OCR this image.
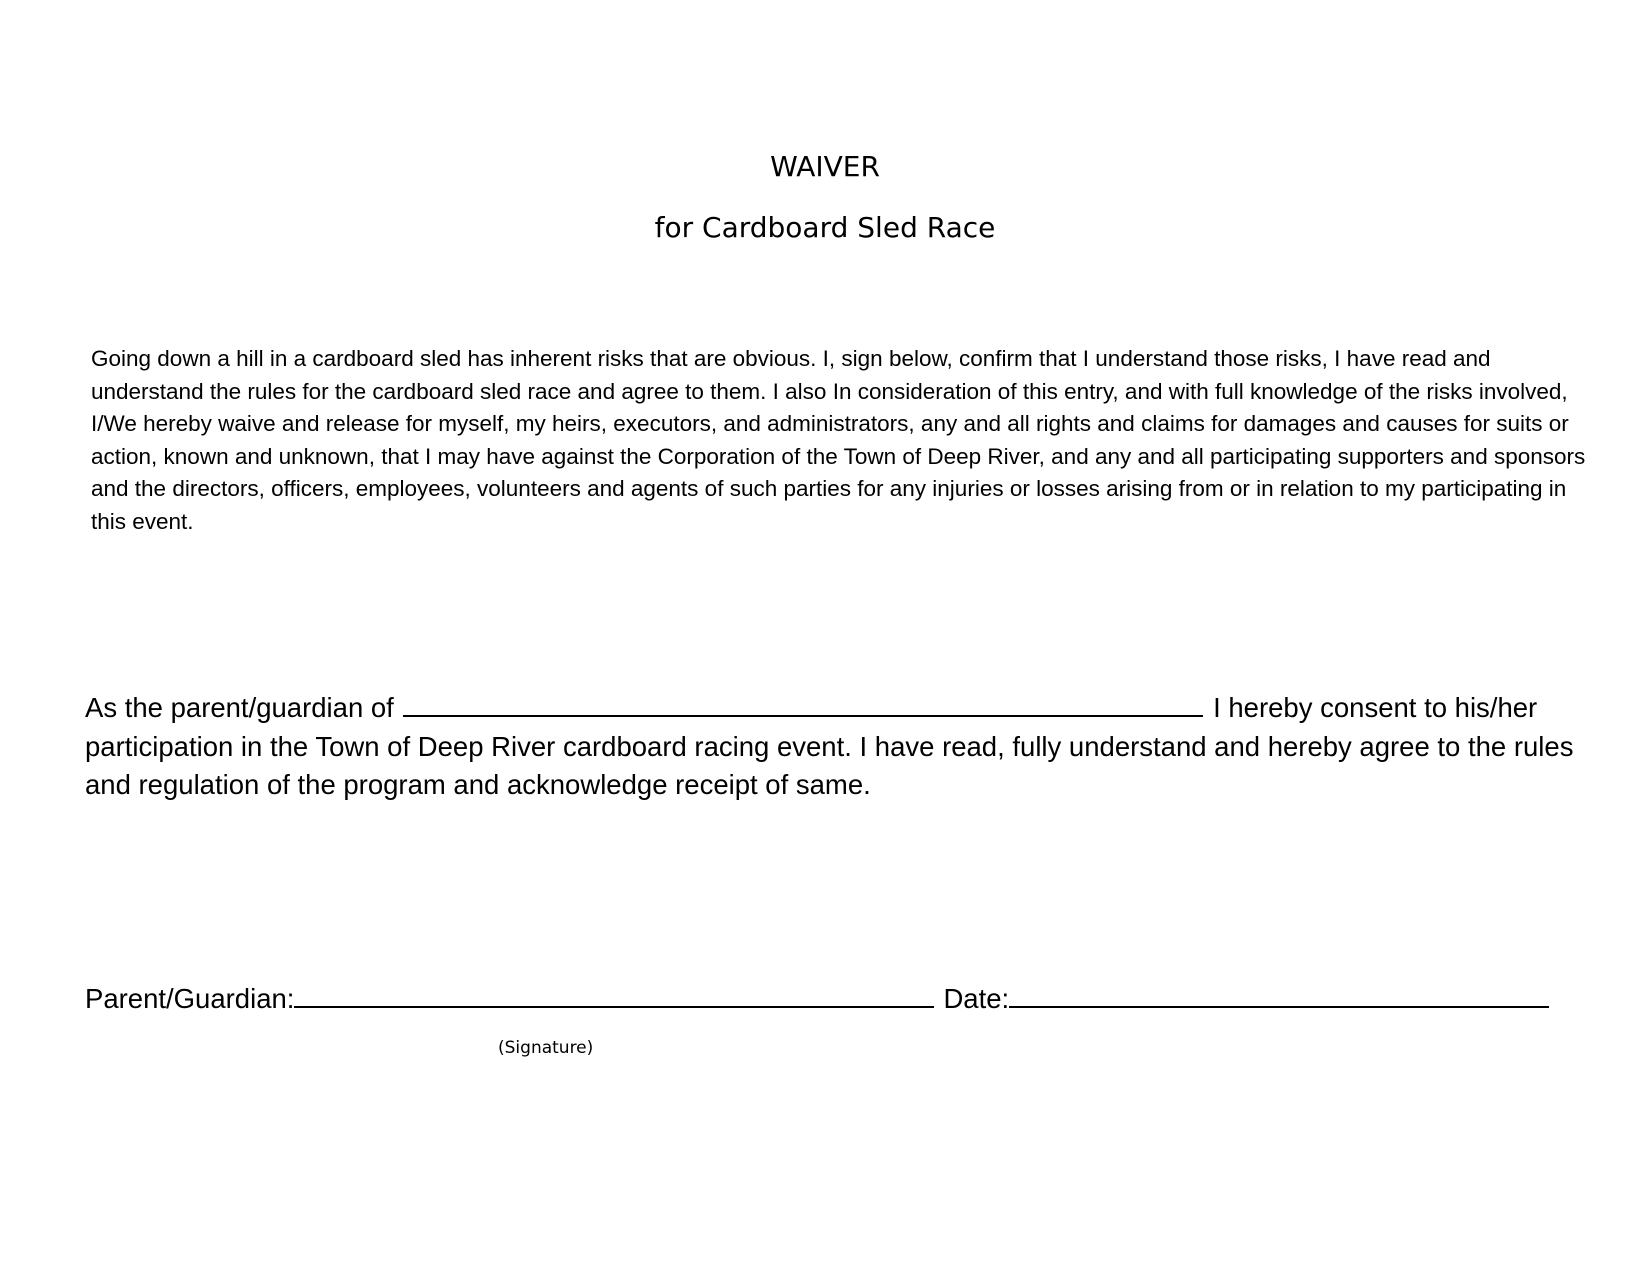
WAIVER
for Cardboard Sled Race

Going down a hill in a cardboard sled has inherent risks that are obvious. I, sign below, confirm that I understand those risks, I have read and understand the rules for the cardboard sled race and agree to them. I also In consideration of this entry, and with full knowledge of the risks involved, I/We hereby waive and release for myself, my heirs, executors, and administrators, any and all rights and claims for damages and causes for suits or action, known and unknown, that I may have against the Corporation of the Town of Deep River, and any and all participating supporters and sponsors and the directors, officers, employees, volunteers and agents of such parties for any injuries or losses arising from or in relation to my participating in this event.

As the parent/guardian of	I hereby consent to his/her participation in the Town of Deep River cardboard racing event. I have read, fully understand and hereby agree to the rules and regulation of the program and acknowledge receipt of same.

Parent/Guardian:	Date:
(Signature)
